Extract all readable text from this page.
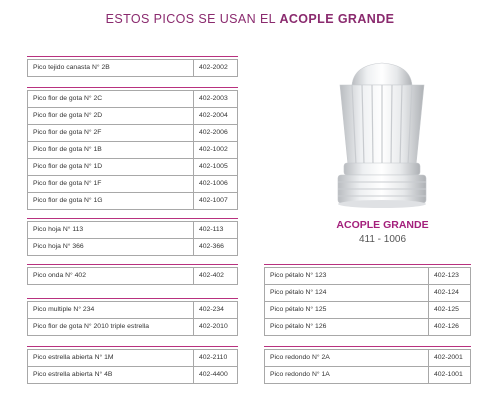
ESTOS PICOS SE USAN EL ACOPLE GRANDE
ACOPLE GRANDE
411 - 1006
Pico tejido canasta N° 2B	402-2002
Pico flor de gota N° 2C	402-2003
Pico flor de gota N° 2D	402-2004
Pico flor de gota N° 2F	402-2006
Pico flor de gota N° 1B	402-1002
Pico flor de gota N° 1D	402-1005
Pico flor de gota N° 1F	402-1006
Pico flor de gota N° 1G	402-1007
Pico hoja N° 113	402-113
Pico hoja N° 366	402-366
Pico onda N° 402	402-402
Pico multiple N° 234	402-234
Pico flor de gota N° 2010 triple estrella	402-2010
Pico estrella abierta N° 1M	402-2110
Pico estrella abierta N° 4B	402-4400
Pico pétalo N° 123	402-123
Pico pétalo N° 124	402-124
Pico pétalo N° 125	402-125
Pico pétalo N° 126	402-126
Pico redondo N° 2A	402-2001
Pico redondo N° 1A	402-1001
